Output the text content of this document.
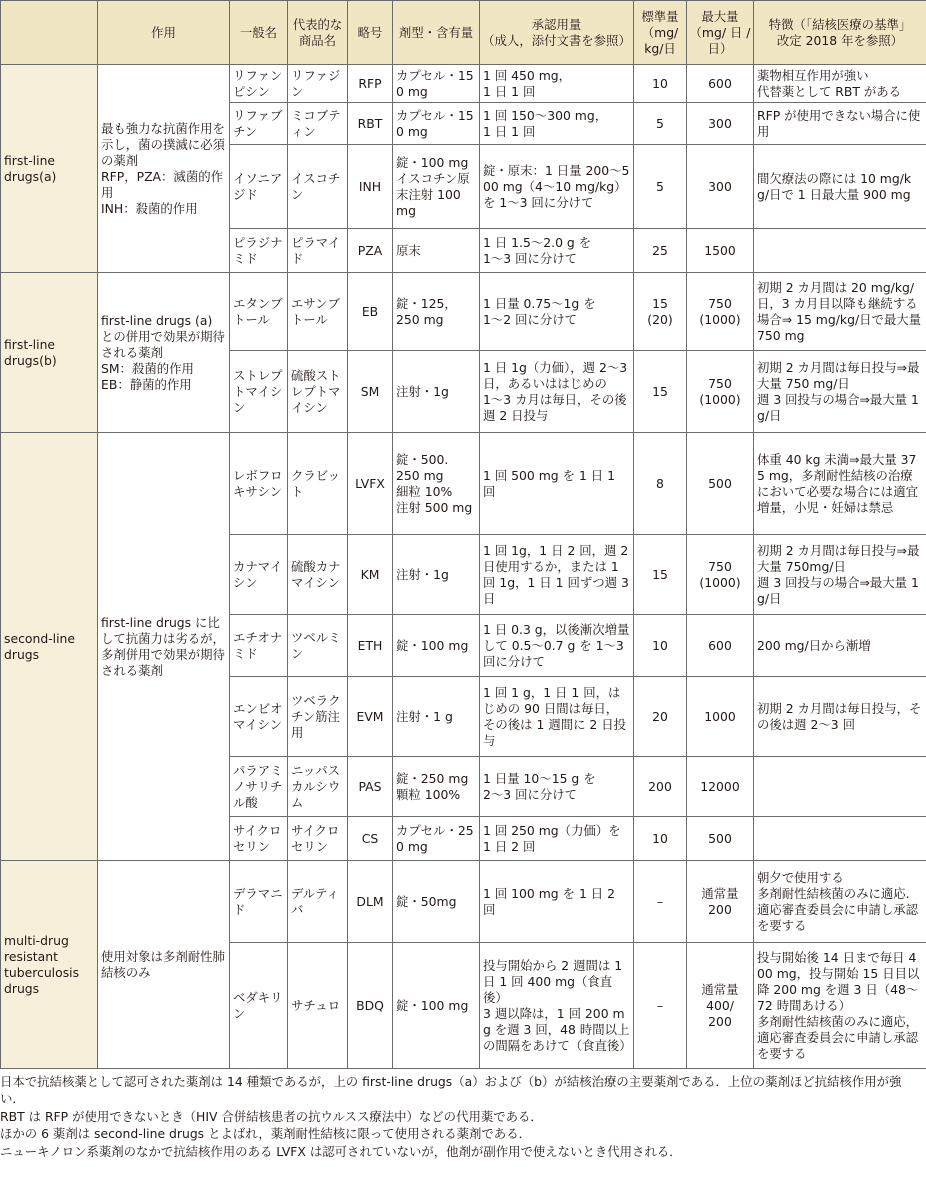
	作用	一般名	代表的な
商品名	略号	剤型・含有量	承認用量
（成人，添付文書を参照）	標準量
（mg/
kg/日	最大量
（mg/ 日 /
日）	特徴（「結核医療の基準」
改定 2018 年を参照）
first-line
drugs(a)	最も強力な抗菌作用を示し，菌の撲滅に必須の薬剤
RFP，PZA：滅菌的作用
INH：殺菌的作用	リファンピシン	リファジン	RFP	カプセル・150 mg	1 回 450 mg，
1 日 1 回	10	600	薬物相互作用が強い
代替薬として RBT がある
		リファブチン	ミコブティン	RBT	カプセル・150 mg	1 回 150〜300 mg，
1 日 1 回	5	300	RFP が使用できない場合に使用
		イソニアジド	イスコチン	INH	錠・100 mg
イスコチン原末注射 100 mg	錠・原末：1 日量 200〜500 mg（4〜10 mg/kg）を 1〜3 回に分けて	5	300	間欠療法の際には 10 mg/kg/日で 1 日最大量 900 mg
		ピラジナミド	ピラマイド	PZA	原末	1 日 1.5〜2.0 g を
1〜3 回に分けて	25	1500	
first-line
drugs(b)	first-line drugs (a) との併用で効果が期待される薬剤
SM：殺菌的作用
EB：静菌的作用	エタンブトール	エサンブトール	EB	錠・125，
250 mg	1 日量 0.75〜1g を
1〜2 回に分けて	15
(20)	750
(1000)	初期 2 カ月間は 20 mg/kg/日，3 カ月目以降も継続する場合⇒ 15 mg/kg/日で最大量 750 mg
		ストレプトマイシン	硫酸ストレプトマイシン	SM	注射・1g	1 日 1g（力価），週 2〜3 日，あるいははじめの 1〜3 カ月は毎日，その後週 2 日投与	15	750
(1000)	初期 2 カ月間は毎日投与⇒最大量 750 mg/日
週 3 回投与の場合⇒最大量 1 g/日
second-line
drugs	first-line drugs に比して抗菌力は劣るが，多剤併用で効果が期待される薬剤	レボフロキサシン	クラビット	LVFX	錠・500.
250 mg
細粒 10%
注射 500 mg	1 回 500 mg を 1 日 1 回	8	500	体重 40 kg 未満⇒最大量 375 mg，多剤耐性結核の治療において必要な場合には適宜増量，小児・妊婦は禁忌
		カナマイシン	硫酸カナマイシン	KM	注射・1g	1 回 1g，1 日 2 回，週 2 日使用するか，または 1 回 1g，1 日 1 回ずつ週 3 日	15	750
(1000)	初期 2 カ月間は毎日投与⇒最大量 750mg/日
週 3 回投与の場合⇒最大量 1 g/日
		エチオナミド	ツベルミン	ETH	錠・100 mg	1 日 0.3 g，以後漸次増量して 0.5〜0.7 g を 1〜3 回に分けて	10	600	200 mg/日から漸増
		エンビオマイシン	ツベラクチン筋注用	EVM	注射・1 g	1 回 1 g，1 日 1 回，はじめの 90 日間は毎日，その後は 1 週間に 2 日投与	20	1000	初期 2 カ月間は毎日投与，その後は週 2〜3 回
		パラアミノサリチル酸	ニッパスカルシウム	PAS	錠・250 mg
顆粒 100%	1 日量 10〜15 g を
2〜3 回に分けて	200	12000	
		サイクロセリン	サイクロセリン	CS	カプセル・250 mg	1 回 250 mg（力価）を
1 日 2 回	10	500	
multi-drug
resistant
tuberculosis
drugs	使用対象は多剤耐性肺結核のみ	デラマニド	デルティバ	DLM	錠・50mg	1 回 100 mg を 1 日 2 回	–	通常量
200	朝夕で使用する
多剤耐性結核菌のみに適応.
適応審査委員会に申請し承認を要する
		ベダキリン	サチュロ	BDQ	錠・100 mg	投与開始から 2 週間は 1 日 1 回 400 mg（食直後）
3 週以降は，1 回 200 mg を週 3 回，48 時間以上の間隔をあけて（食直後）	–	通常量
400/
200	投与開始後 14 日まで毎日 400 mg，投与開始 15 日目以降 200 mg を週 3 日（48〜72 時間あける）
多剤耐性結核菌のみに適応，適応審査委員会に申請し承認を要する
日本で抗結核薬として認可された薬剤は 14 種類であるが，上の first-line drugs（a）および（b）が結核治療の主要薬剤である．上位の薬剤ほど抗結核作用が強い．
RBT は RFP が使用できないとき（HIV 合併結核患者の抗ウルスス療法中）などの代用薬である．
ほかの 6 薬剤は second-line drugs とよばれ，薬剤耐性結核に限って使用される薬剤である．
ニューキノロン系薬剤のなかで抗結核作用のある LVFX は認可されていないが，他剤が副作用で使えないとき代用される．
